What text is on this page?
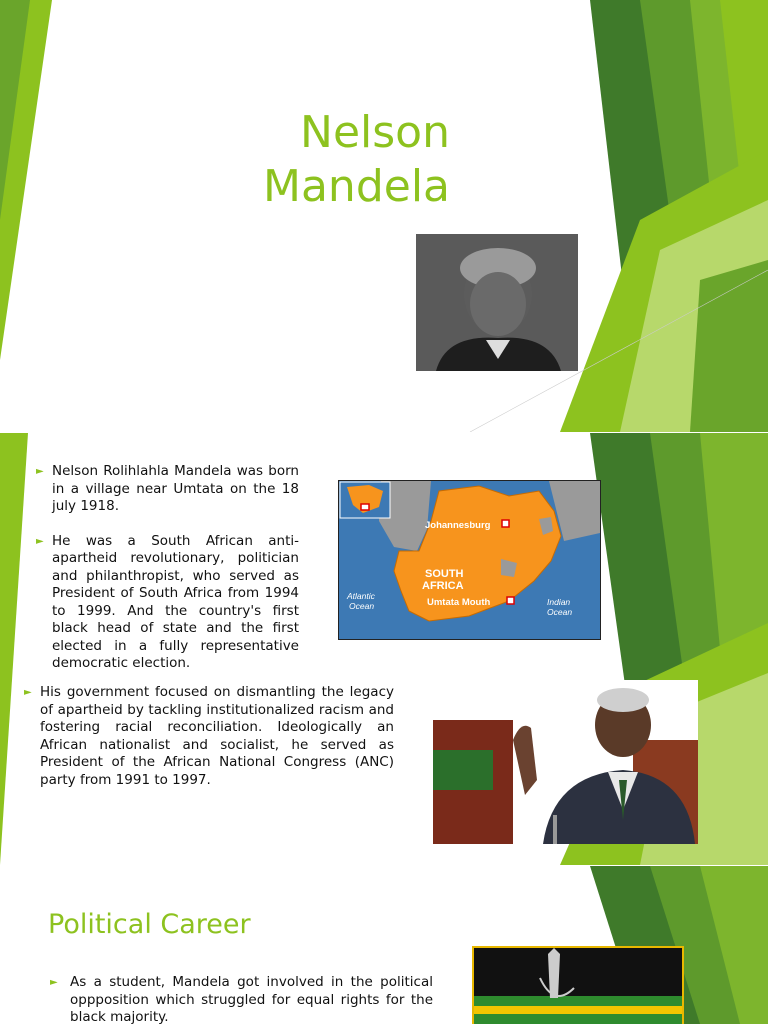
Nelson
Mandela
► Nelson Rolihlahla Mandela was born in a village near Umtata on the 18 july 1918.
► He was a South African anti-apartheid revolutionary, politician and philanthropist, who served as President of South Africa from 1994 to 1999. And the country's first black head of state and the first elected in a fully representative democratic election.
► His government focused on dismantling the legacy of apartheid by tackling institutionalized racism and fostering racial reconciliation. Ideologically an African nationalist and socialist, he served as President of the African National Congress (ANC) party from 1991 to 1997.
Johannesburg
SOUTH
AFRICA
Umtata Mouth
Atlantic
Ocean	Indian
Ocean
Political Career
► As a student, Mandela got involved in the political oppposition which struggled for equal rights for the black majority.
